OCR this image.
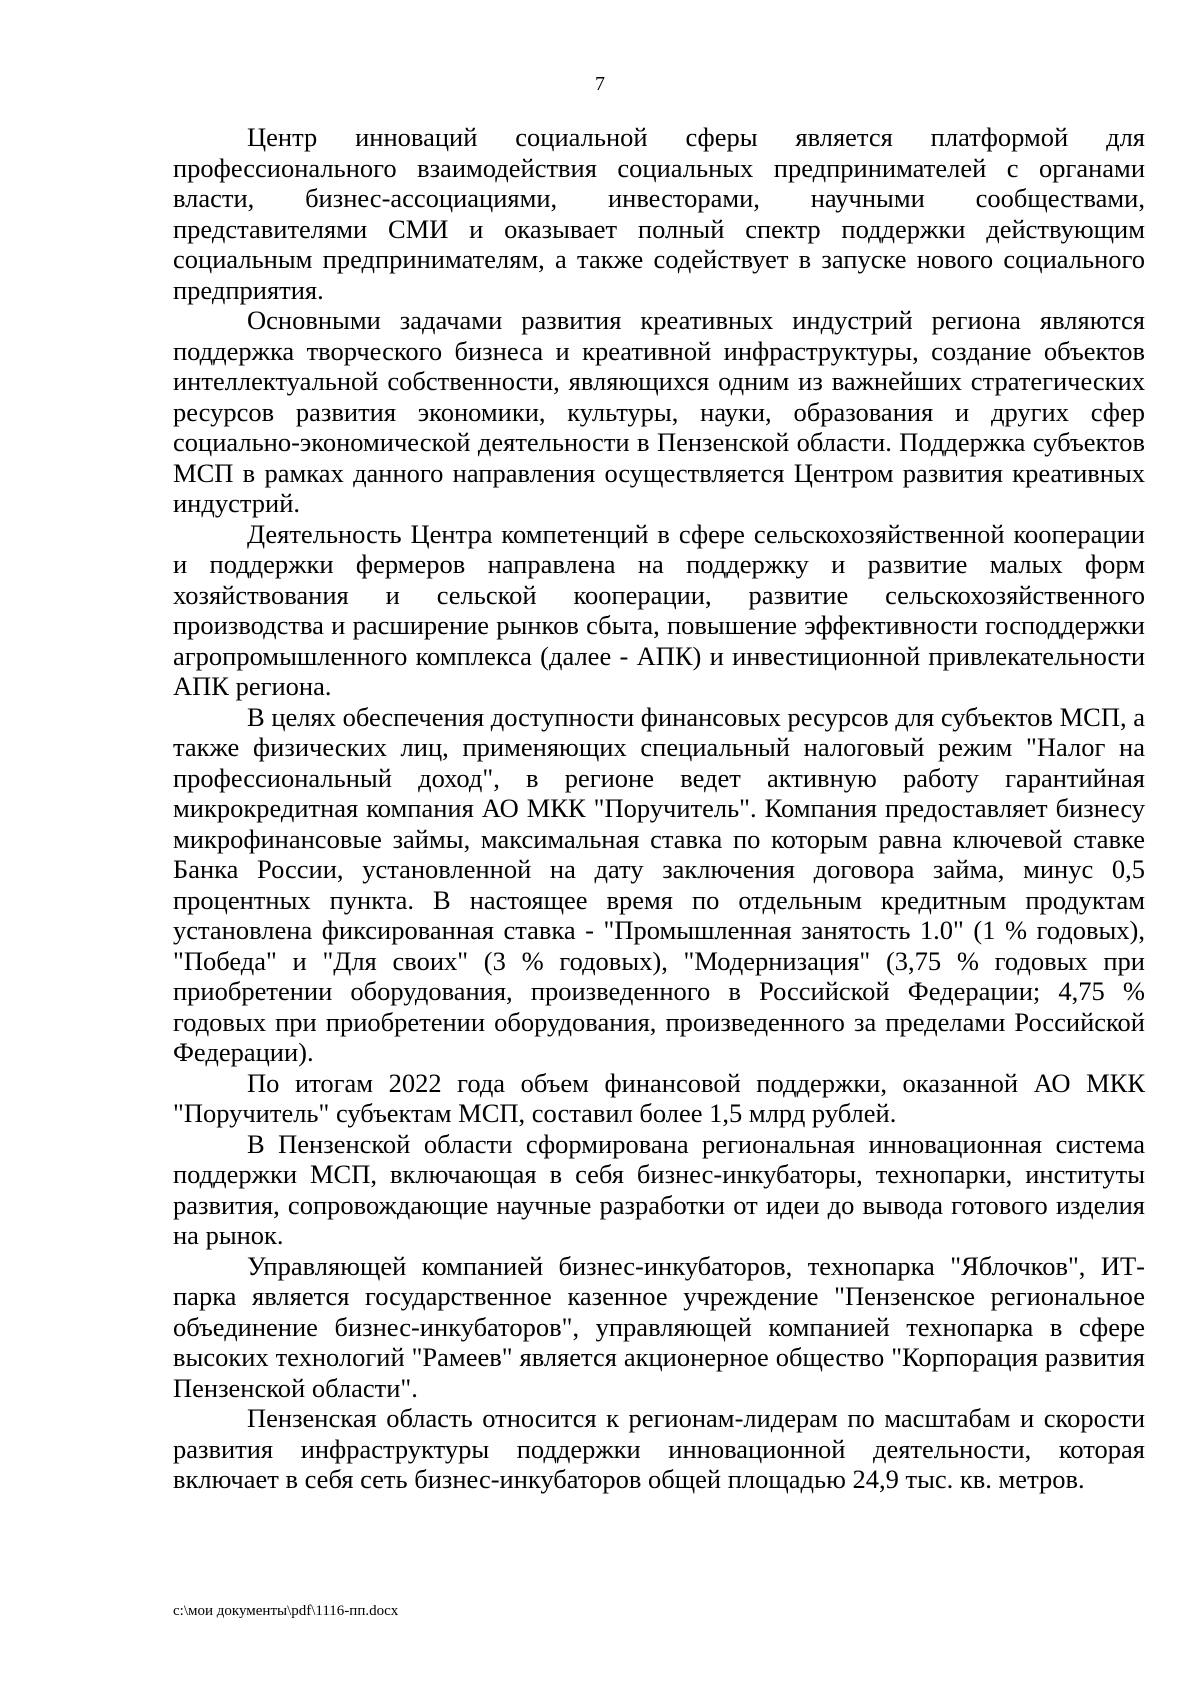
7

Центр инноваций социальной сферы является платформой для профессионального взаимодействия социальных предпринимателей с органами власти, бизнес-ассоциациями, инвесторами, научными сообществами, представителями СМИ и оказывает полный спектр поддержки действующим социальным предпринимателям, а также содействует в запуске нового социального предприятия.

Основными задачами развития креативных индустрий региона являются поддержка творческого бизнеса и креативной инфраструктуры, создание объектов интеллектуальной собственности, являющихся одним из важнейших стратегических ресурсов развития экономики, культуры, науки, образования и других сфер социально-экономической деятельности в Пензенской области. Поддержка субъектов МСП в рамках данного направления осуществляется Центром развития креативных индустрий.

Деятельность Центра компетенций в сфере сельскохозяйственной кооперации и поддержки фермеров направлена на поддержку и развитие малых форм хозяйствования и сельской кооперации, развитие сельскохозяйственного производства и расширение рынков сбыта, повышение эффективности господдержки агропромышленного комплекса (далее - АПК) и инвестиционной привлекательности АПК региона.

В целях обеспечения доступности финансовых ресурсов для субъектов МСП, а также физических лиц, применяющих специальный налоговый режим "Налог на профессиональный доход", в регионе ведет активную работу гарантийная микрокредитная компания АО МКК "Поручитель". Компания предоставляет бизнесу микрофинансовые займы, максимальная ставка по которым равна ключевой ставке Банка России, установленной на дату заключения договора займа, минус 0,5 процентных пункта. В настоящее время по отдельным кредитным продуктам установлена фиксированная ставка - "Промышленная занятость 1.0" (1 % годовых), "Победа" и "Для своих" (3 % годовых), "Модернизация" (3,75 % годовых при приобретении оборудования, произведенного в Российской Федерации; 4,75 % годовых при приобретении оборудования, произведенного за пределами Российской Федерации).

По итогам 2022 года объем финансовой поддержки, оказанной АО МКК "Поручитель" субъектам МСП, составил более 1,5 млрд рублей.

В Пензенской области сформирована региональная инновационная система поддержки МСП, включающая в себя бизнес-инкубаторы, технопарки, институты развития, сопровождающие научные разработки от идеи до вывода готового изделия на рынок.

Управляющей компанией бизнес-инкубаторов, технопарка "Яблочков", ИТ-парка является государственное казенное учреждение "Пензенское региональное объединение бизнес-инкубаторов", управляющей компанией технопарка в сфере высоких технологий "Рамеев" является акционерное общество "Корпорация развития Пензенской области".

Пензенская область относится к регионам-лидерам по масштабам и скорости развития инфраструктуры поддержки инновационной деятельности, которая включает в себя сеть бизнес-инкубаторов общей площадью 24,9 тыс. кв. метров.

c:\мои документы\pdf\1116-пп.docx
